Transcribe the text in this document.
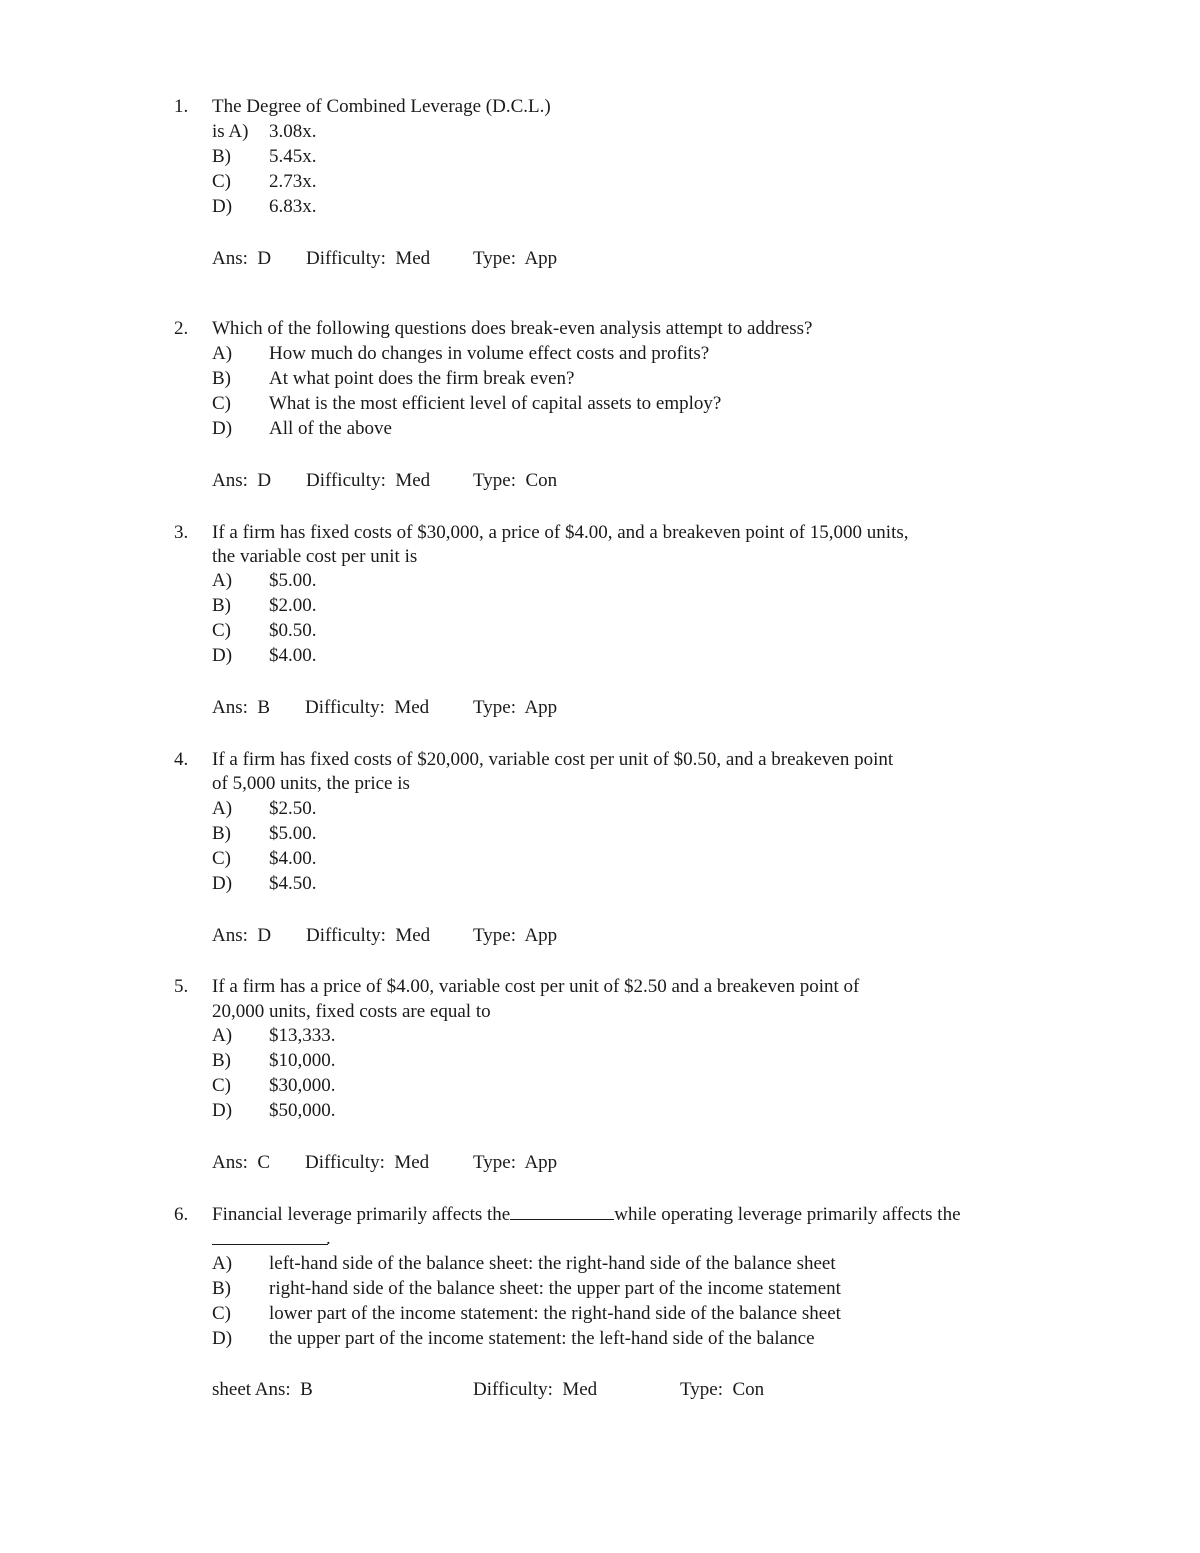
1. The Degree of Combined Leverage (D.C.L.)
is A) 3.08x.
B) 5.45x.
C) 2.73x.
D) 6.83x.
Ans:  D Difficulty:  Med Type:  App
2. Which of the following questions does break-even analysis attempt to address?
A) How much do changes in volume effect costs and profits?
B) At what point does the firm break even?
C) What is the most efficient level of capital assets to employ?
D) All of the above
Ans:  D Difficulty:  Med Type:  Con
3. If a firm has fixed costs of $30,000, a price of $4.00, and a breakeven point of 15,000 units,
the variable cost per unit is
A) $5.00.
B) $2.00.
C) $0.50.
D) $4.00.
Ans:  B Difficulty:  Med Type:  App
4. If a firm has fixed costs of $20,000, variable cost per unit of $0.50, and a breakeven point
of 5,000 units, the price is
A) $2.50.
B) $5.00.
C) $4.00.
D) $4.50.
Ans:  D Difficulty:  Med Type:  App
5. If a firm has a price of $4.00, variable cost per unit of $2.50 and a breakeven point of
20,000 units, fixed costs are equal to
A) $13,333.
B) $10,000.
C) $30,000.
D) $50,000.
Ans:  C Difficulty:  Med Type:  App
6. Financial leverage primarily affects the	while operating leverage primarily affects the
.
A) left-hand side of the balance sheet: the right-hand side of the balance sheet
B) right-hand side of the balance sheet: the upper part of the income statement
C) lower part of the income statement: the right-hand side of the balance sheet
D) the upper part of the income statement: the left-hand side of the balance
sheet Ans:  B	Difficulty:  Med	Type:  Con
